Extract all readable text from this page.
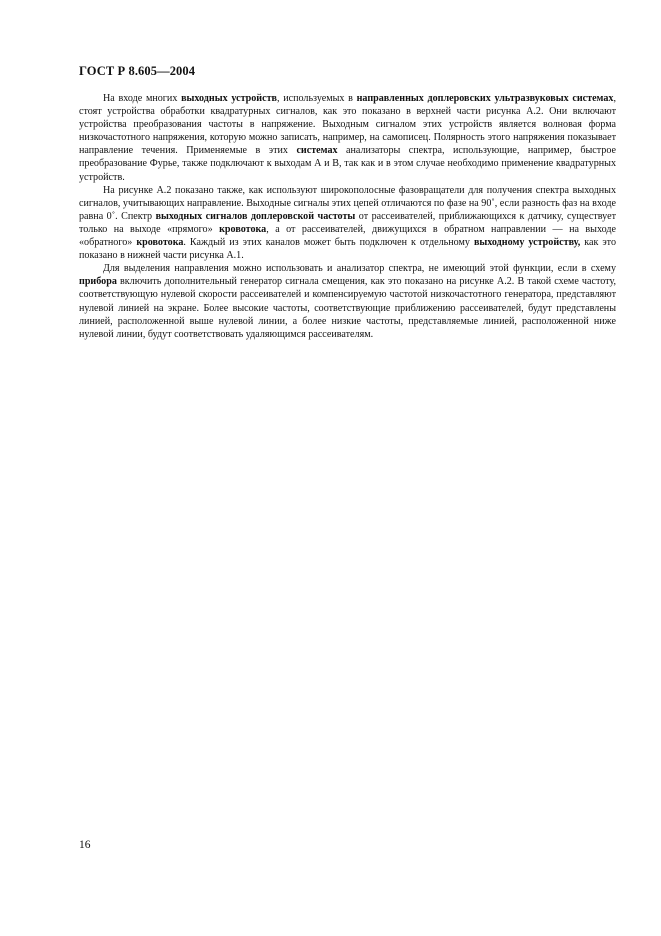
ГОСТ Р 8.605—2004

На входе многих выходных устройств, используемых в направленных доплеровских ультразвуковых системах, стоят устройства обработки квадратурных сигналов, как это показано в верхней части рисунка А.2. Они включают устройства преобразования частоты в напряжение. Выходным сигналом этих устройств является волновая форма низкочастотного напряжения, которую можно записать, например, на самописец. Полярность этого напряжения показывает направление течения. Применяемые в этих системах анализаторы спектра, использующие, например, быстрое преобразование Фурье, также подключают к выходам А и В, так как и в этом случае необходимо применение квадратурных устройств.

На рисунке А.2 показано также, как используют широкополосные фазовращатели для получения спектра выходных сигналов, учитывающих направление. Выходные сигналы этих цепей отличаются по фазе на 90˚, если разность фаз на входе равна 0˚. Спектр выходных сигналов доплеровской частоты от рассеивателей, приближающихся к датчику, существует только на выходе «прямого» кровотока, а от рассеивателей, движущихся в обратном направлении — на выходе «обратного» кровотока. Каждый из этих каналов может быть подключен к отдельному выходному устройству, как это показано в нижней части рисунка А.1.

Для выделения направления можно использовать и анализатор спектра, не имеющий этой функции, если в схему прибора включить дополнительный генератор сигнала смещения, как это показано на рисунке А.2. В такой схеме частоту, соответствующую нулевой скорости рассеивателей и компенсируемую частотой низкочастотного генератора, представляют нулевой линией на экране. Более высокие частоты, соответствующие приближению рассеивателей, будут представлены линией, расположенной выше нулевой линии, а более низкие частоты, представляемые линией, расположенной ниже нулевой линии, будут соответствовать удаляющимся рассеивателям.

16
